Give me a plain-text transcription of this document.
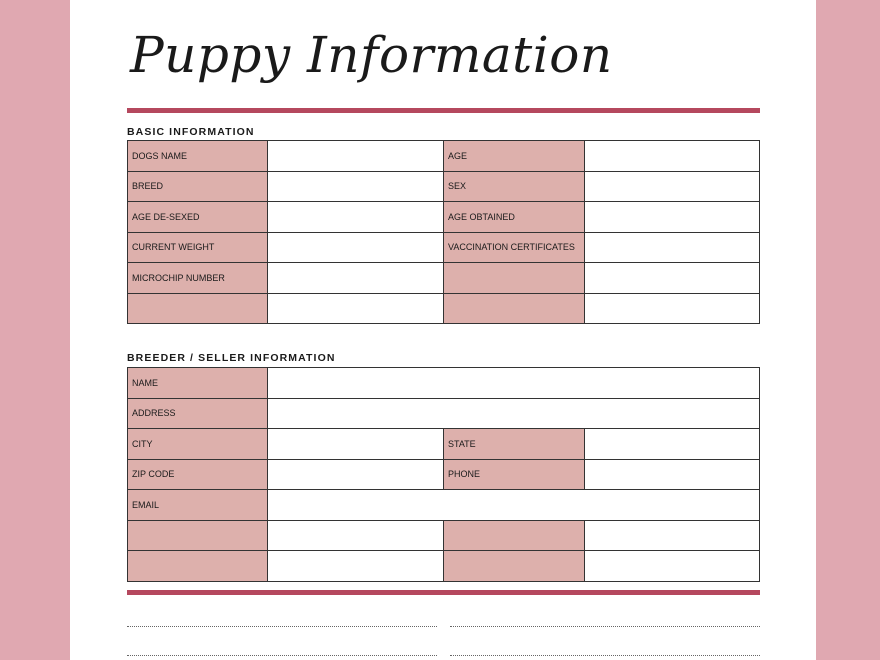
Puppy Information
BASIC INFORMATION
DOGS NAME	AGE
BREED	SEX
AGE DE-SEXED	AGE OBTAINED
CURRENT WEIGHT	VACCINATION CERTIFICATES
MICROCHIP NUMBER
BREEDER / SELLER INFORMATION
NAME
ADDRESS
CITY	STATE
ZIP CODE	PHONE
EMAIL
